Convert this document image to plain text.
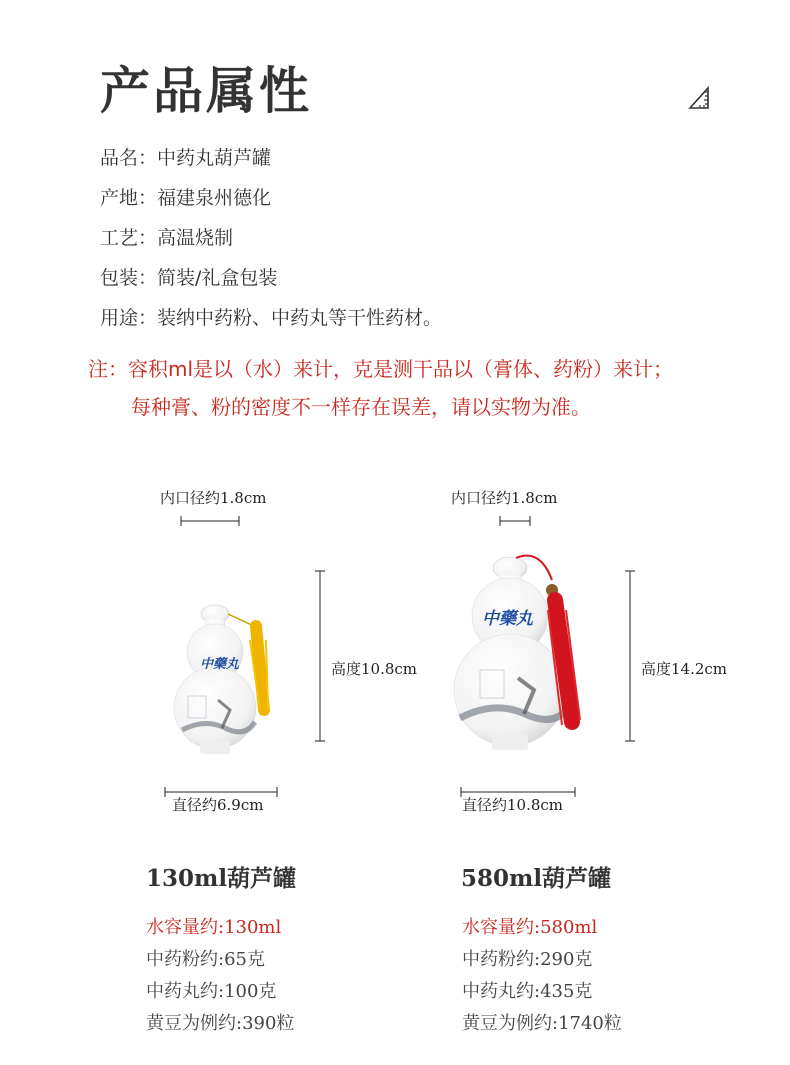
产品属性
品名：中药丸葫芦罐
产地：福建泉州德化
工艺：高温烧制
包装：简装/礼盒包装
用途：装纳中药粉、中药丸等干性药材。
注：容积ml是以（水）来计，克是测干品以（膏体、药粉）来计；
每种膏、粉的密度不一样存在误差，请以实物为准。
内口径约1.8cm
中藥丸	高度10.8cm
直径约6.9cm
130ml葫芦罐
水容量约:130ml
中药粉约:65克
中药丸约:100克
黄豆为例约:390粒
内口径约1.8cm
中藥丸
高度14.2cm
直径约10.8cm
580ml葫芦罐
水容量约:580ml
中药粉约:290克
中药丸约:435克
黄豆为例约:1740粒
